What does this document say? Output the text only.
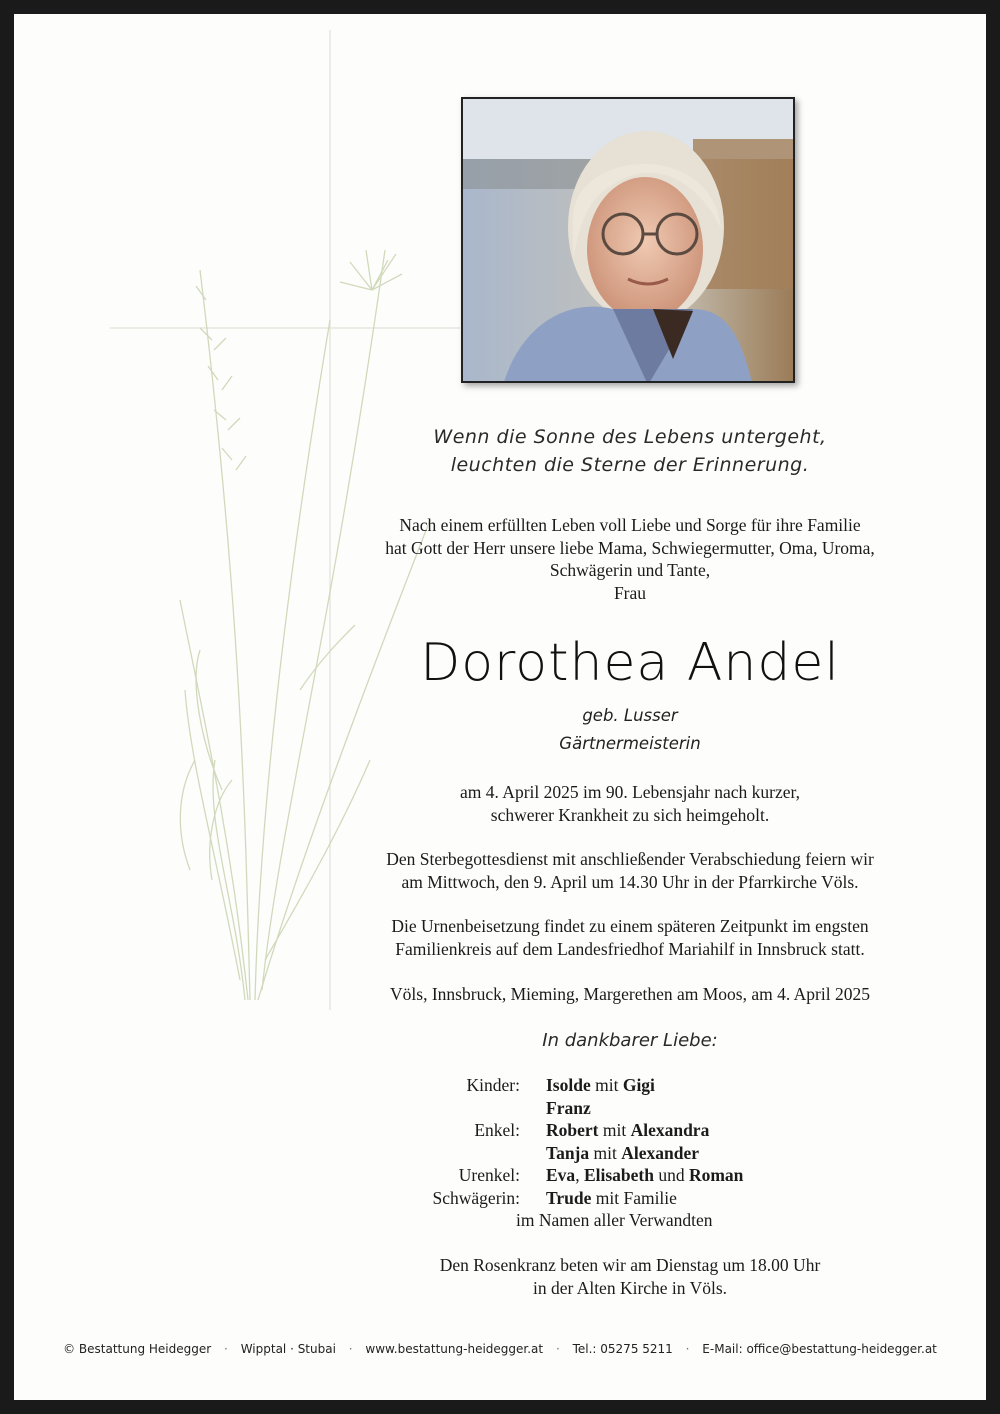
Wenn die Sonne des Lebens untergeht,
leuchten die Sterne der Erinnerung.
Nach einem erfüllten Leben voll Liebe und Sorge für ihre Familie
hat Gott der Herr unsere liebe Mama, Schwiegermutter, Oma, Uroma,
Schwägerin und Tante,
Frau
Dorothea Andel
geb. Lusser
Gärtnermeisterin
am 4. April 2025 im 90. Lebensjahr nach kurzer,
schwerer Krankheit zu sich heimgeholt.
Den Sterbegottesdienst mit anschließender Verabschiedung feiern wir
am Mittwoch, den 9. April um 14.30 Uhr in der Pfarrkirche Völs.
Die Urnenbeisetzung findet zu einem späteren Zeitpunkt im engsten
Familienkreis auf dem Landesfriedhof Mariahilf in Innsbruck statt.
Völs, Innsbruck, Mieming, Margerethen am Moos, am 4. April 2025
In dankbarer Liebe:
Kinder: Isolde mit Gigi
Franz
Enkel: Robert mit Alexandra
Tanja mit Alexander
Urenkel: Eva, Elisabeth und Roman
Schwägerin: Trude mit Familie
im Namen aller Verwandten
Den Rosenkranz beten wir am Dienstag um 18.00 Uhr
in der Alten Kirche in Völs.
© Bestattung Heidegger · Wipptal · Stubai · www.bestattung-heidegger.at · Tel.: 05275 5211 · E-Mail: office@bestattung-heidegger.at
